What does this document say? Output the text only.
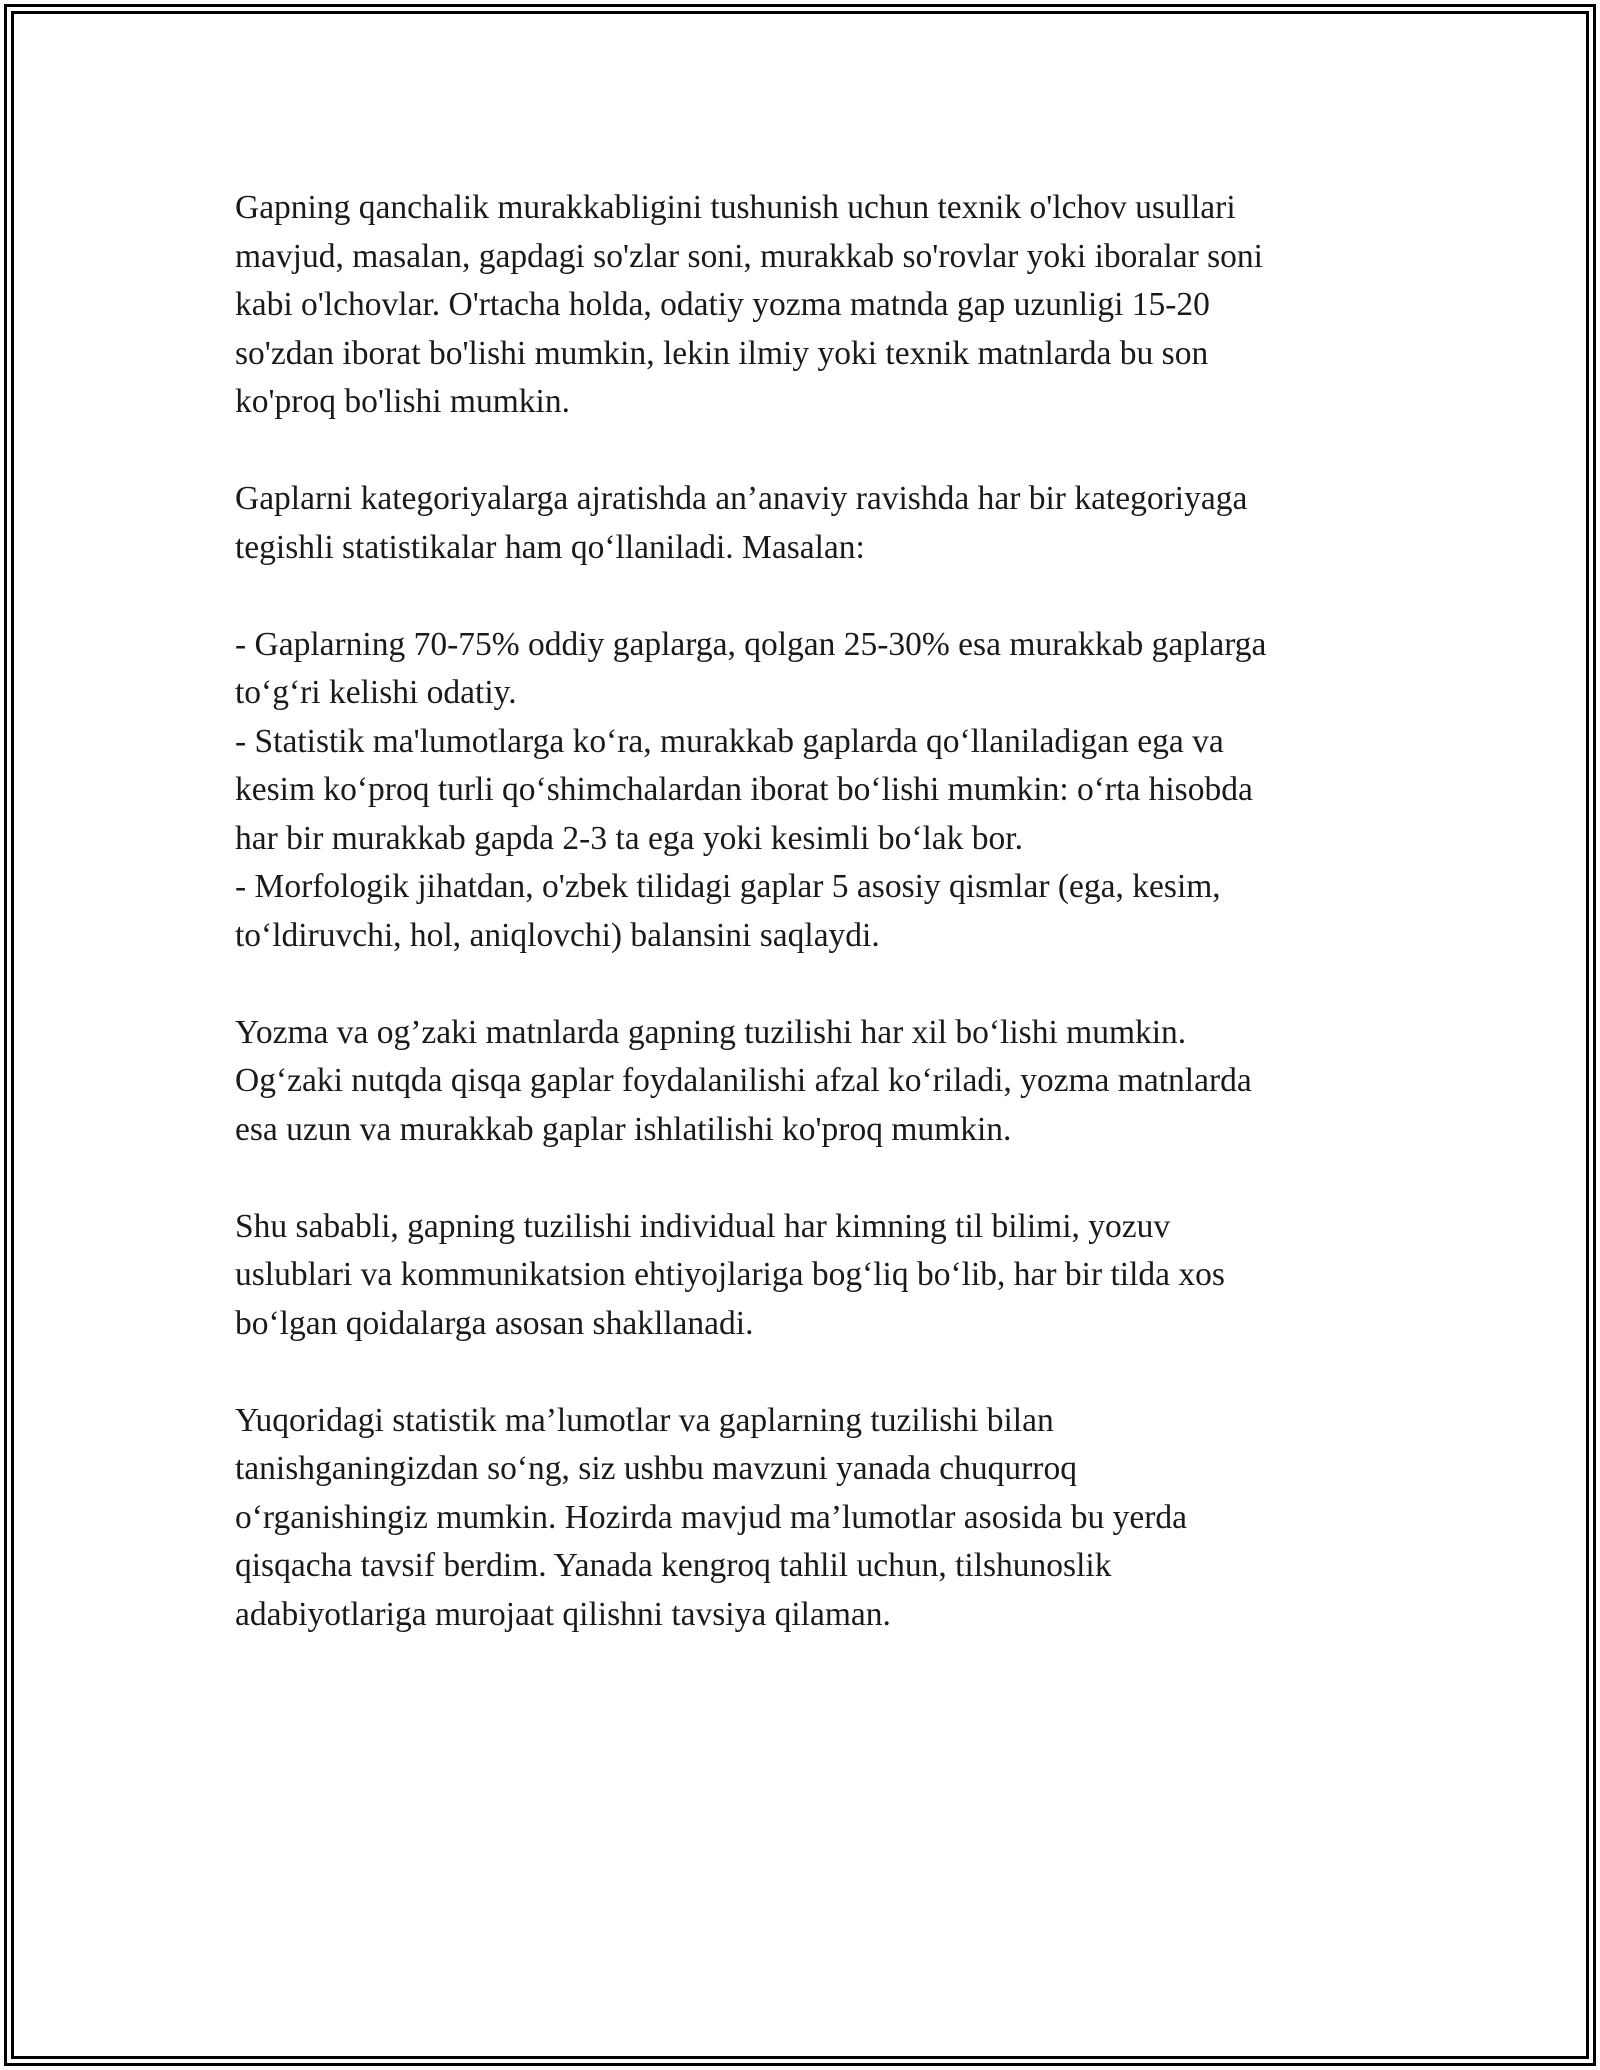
Gapning qanchalik murakkabligini tushunish uchun texnik o'lchov usullari
mavjud, masalan, gapdagi so'zlar soni, murakkab so'rovlar yoki iboralar soni
kabi o'lchovlar. O'rtacha holda, odatiy yozma matnda gap uzunligi 15-20
so'zdan iborat bo'lishi mumkin, lekin ilmiy yoki texnik matnlarda bu son
ko'proq bo'lishi mumkin.

Gaplarni kategoriyalarga ajratishda an’anaviy ravishda har bir kategoriyaga
tegishli statistikalar ham qo‘llaniladi. Masalan:

- Gaplarning 70-75% oddiy gaplarga, qolgan 25-30% esa murakkab gaplarga
to‘g‘ri kelishi odatiy.
- Statistik ma'lumotlarga ko‘ra, murakkab gaplarda qo‘llaniladigan ega va
kesim ko‘proq turli qo‘shimchalardan iborat bo‘lishi mumkin: o‘rta hisobda
har bir murakkab gapda 2-3 ta ega yoki kesimli bo‘lak bor.
- Morfologik jihatdan, o'zbek tilidagi gaplar 5 asosiy qismlar (ega, kesim,
to‘ldiruvchi, hol, aniqlovchi) balansini saqlaydi.

Yozma va og’zaki matnlarda gapning tuzilishi har xil bo‘lishi mumkin.
Og‘zaki nutqda qisqa gaplar foydalanilishi afzal ko‘riladi, yozma matnlarda
esa uzun va murakkab gaplar ishlatilishi ko'proq mumkin.

Shu sababli, gapning tuzilishi individual har kimning til bilimi, yozuv
uslublari va kommunikatsion ehtiyojlariga bog‘liq bo‘lib, har bir tilda xos
bo‘lgan qoidalarga asosan shakllanadi.

Yuqoridagi statistik ma’lumotlar va gaplarning tuzilishi bilan
tanishganingizdan so‘ng, siz ushbu mavzuni yanada chuqurroq
o‘rganishingiz mumkin. Hozirda mavjud ma’lumotlar asosida bu yerda
qisqacha tavsif berdim. Yanada kengroq tahlil uchun, tilshunoslik
adabiyotlariga murojaat qilishni tavsiya qilaman.
